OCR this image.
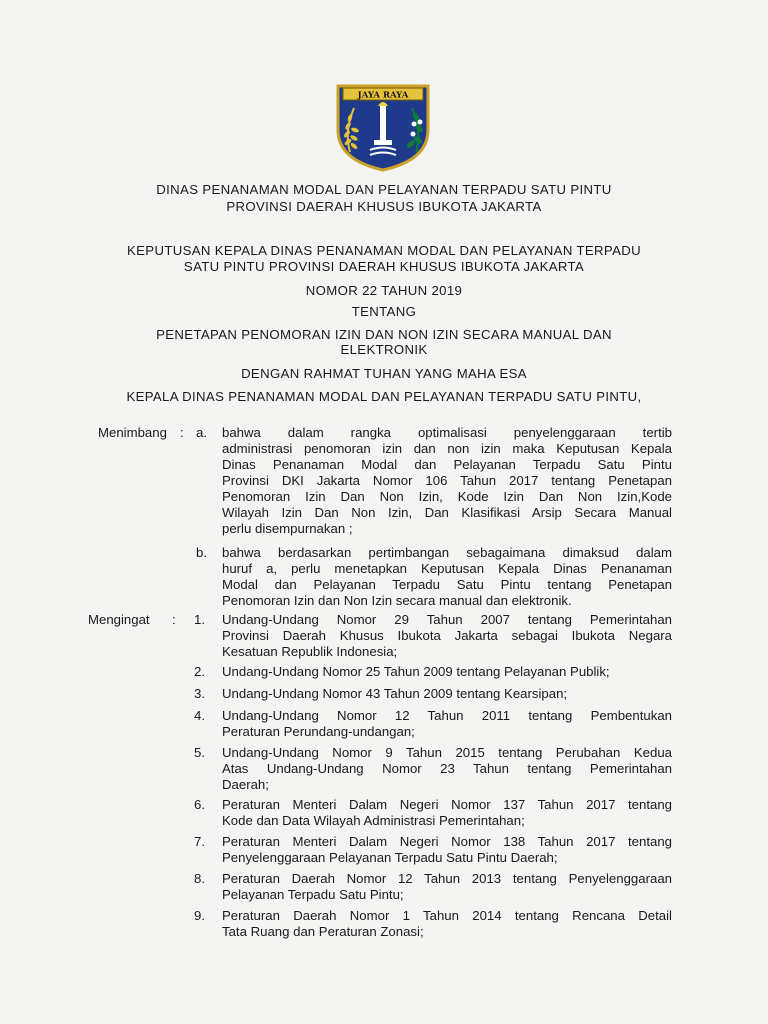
JAYA RAYA
DINAS PENANAMAN MODAL DAN PELAYANAN TERPADU SATU PINTU
PROVINSI DAERAH KHUSUS IBUKOTA JAKARTA
KEPUTUSAN KEPALA DINAS PENANAMAN MODAL DAN PELAYANAN TERPADU
SATU PINTU PROVINSI DAERAH KHUSUS IBUKOTA JAKARTA
NOMOR 22 TAHUN 2019
TENTANG
PENETAPAN PENOMORAN IZIN DAN NON IZIN SECARA MANUAL DAN
ELEKTRONIK
DENGAN RAHMAT TUHAN YANG MAHA ESA
KEPALA DINAS PENANAMAN MODAL DAN PELAYANAN TERPADU SATU PINTU,
Menimbang : a. bahwa dalam rangka optimalisasi penyelenggaraan tertib
administrasi penomoran izin dan non izin maka Keputusan Kepala
Dinas Penanaman Modal dan Pelayanan Terpadu Satu Pintu
Provinsi DKI Jakarta Nomor 106 Tahun 2017 tentang Penetapan
Penomoran Izin Dan Non Izin, Kode Izin Dan Non Izin,Kode
Wilayah Izin Dan Non Izin, Dan Klasifikasi Arsip Secara Manual
perlu disempurnakan ;
b. bahwa berdasarkan pertimbangan sebagaimana dimaksud dalam
huruf a, perlu menetapkan Keputusan Kepala Dinas Penanaman
Modal dan Pelayanan Terpadu Satu Pintu tentang Penetapan
Penomoran Izin dan Non Izin secara manual dan elektronik.
Mengingat :	1. Undang-Undang Nomor 29 Tahun 2007 tentang Pemerintahan
Provinsi Daerah Khusus Ibukota Jakarta sebagai Ibukota Negara
Kesatuan Republik Indonesia;
2. Undang-Undang Nomor 25 Tahun 2009 tentang Pelayanan Publik;
3. Undang-Undang Nomor 43 Tahun 2009 tentang Kearsipan;
4. Undang-Undang Nomor 12 Tahun 2011 tentang Pembentukan
Peraturan Perundang-undangan;
5. Undang-Undang Nomor 9 Tahun 2015 tentang Perubahan Kedua
Atas Undang-Undang Nomor 23 Tahun tentang Pemerintahan
Daerah;
6. Peraturan Menteri Dalam Negeri Nomor 137 Tahun 2017 tentang
Kode dan Data Wilayah Administrasi Pemerintahan;
7. Peraturan Menteri Dalam Negeri Nomor 138 Tahun 2017 tentang
Penyelenggaraan Pelayanan Terpadu Satu Pintu Daerah;
8. Peraturan Daerah Nomor 12 Tahun 2013 tentang Penyelenggaraan
Pelayanan Terpadu Satu Pintu;
9. Peraturan Daerah Nomor 1 Tahun 2014 tentang Rencana Detail
Tata Ruang dan Peraturan Zonasi;
